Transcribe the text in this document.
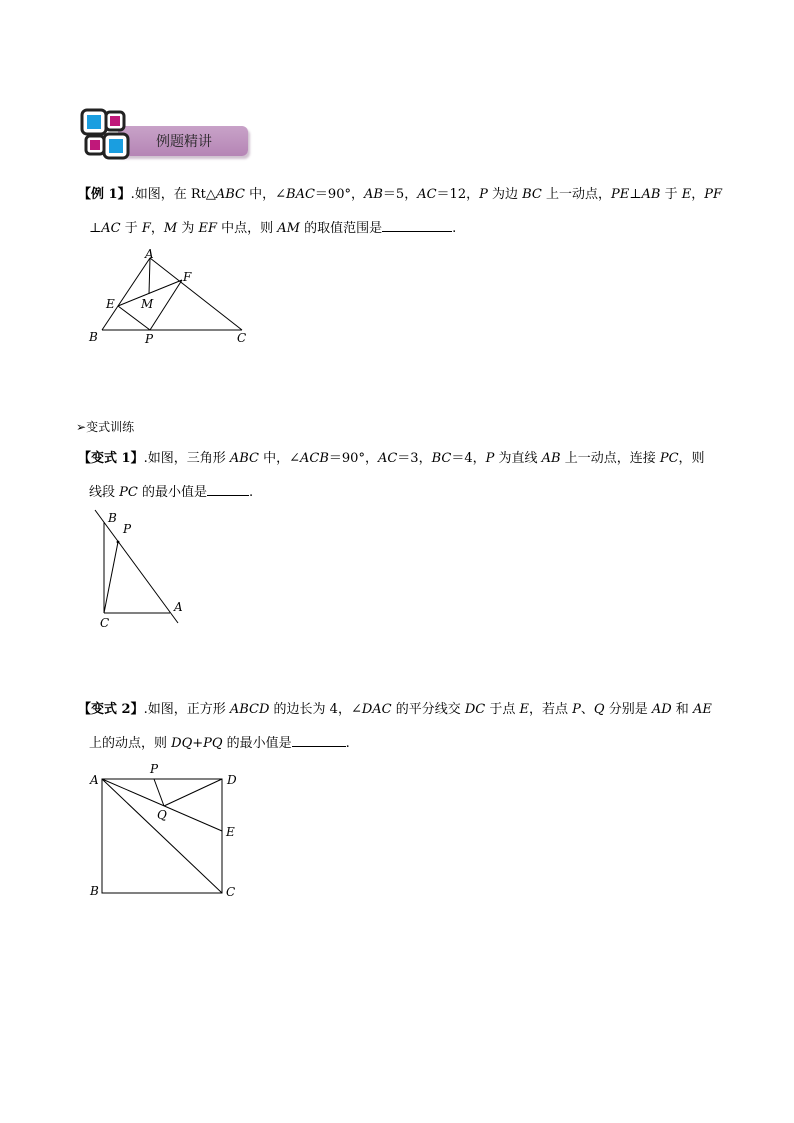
例题精讲
【例 1】.如图，在 Rt△ABC 中，∠BAC＝90°，AB＝5，AC＝12，P 为边 BC 上一动点，PE⊥AB 于 E，PF
⊥AC 于 F，M 为 EF 中点，则 AM 的取值范围是	.
A
F
E M
B	P	C
➢变式训练
【变式 1】.如图，三角形 ABC 中，∠ACB＝90°，AC＝3，BC＝4，P 为直线 AB 上一动点，连接 PC，则
线段 PC 的最小值是	.
B
P
A
C
【变式 2】.如图，正方形 ABCD 的边长为 4，∠DAC 的平分线交 DC 于点 E，若点 P、Q 分别是 AD 和 AE
上的动点，则 DQ+PQ 的最小值是	.
A
P
D
Q
E
B	C
